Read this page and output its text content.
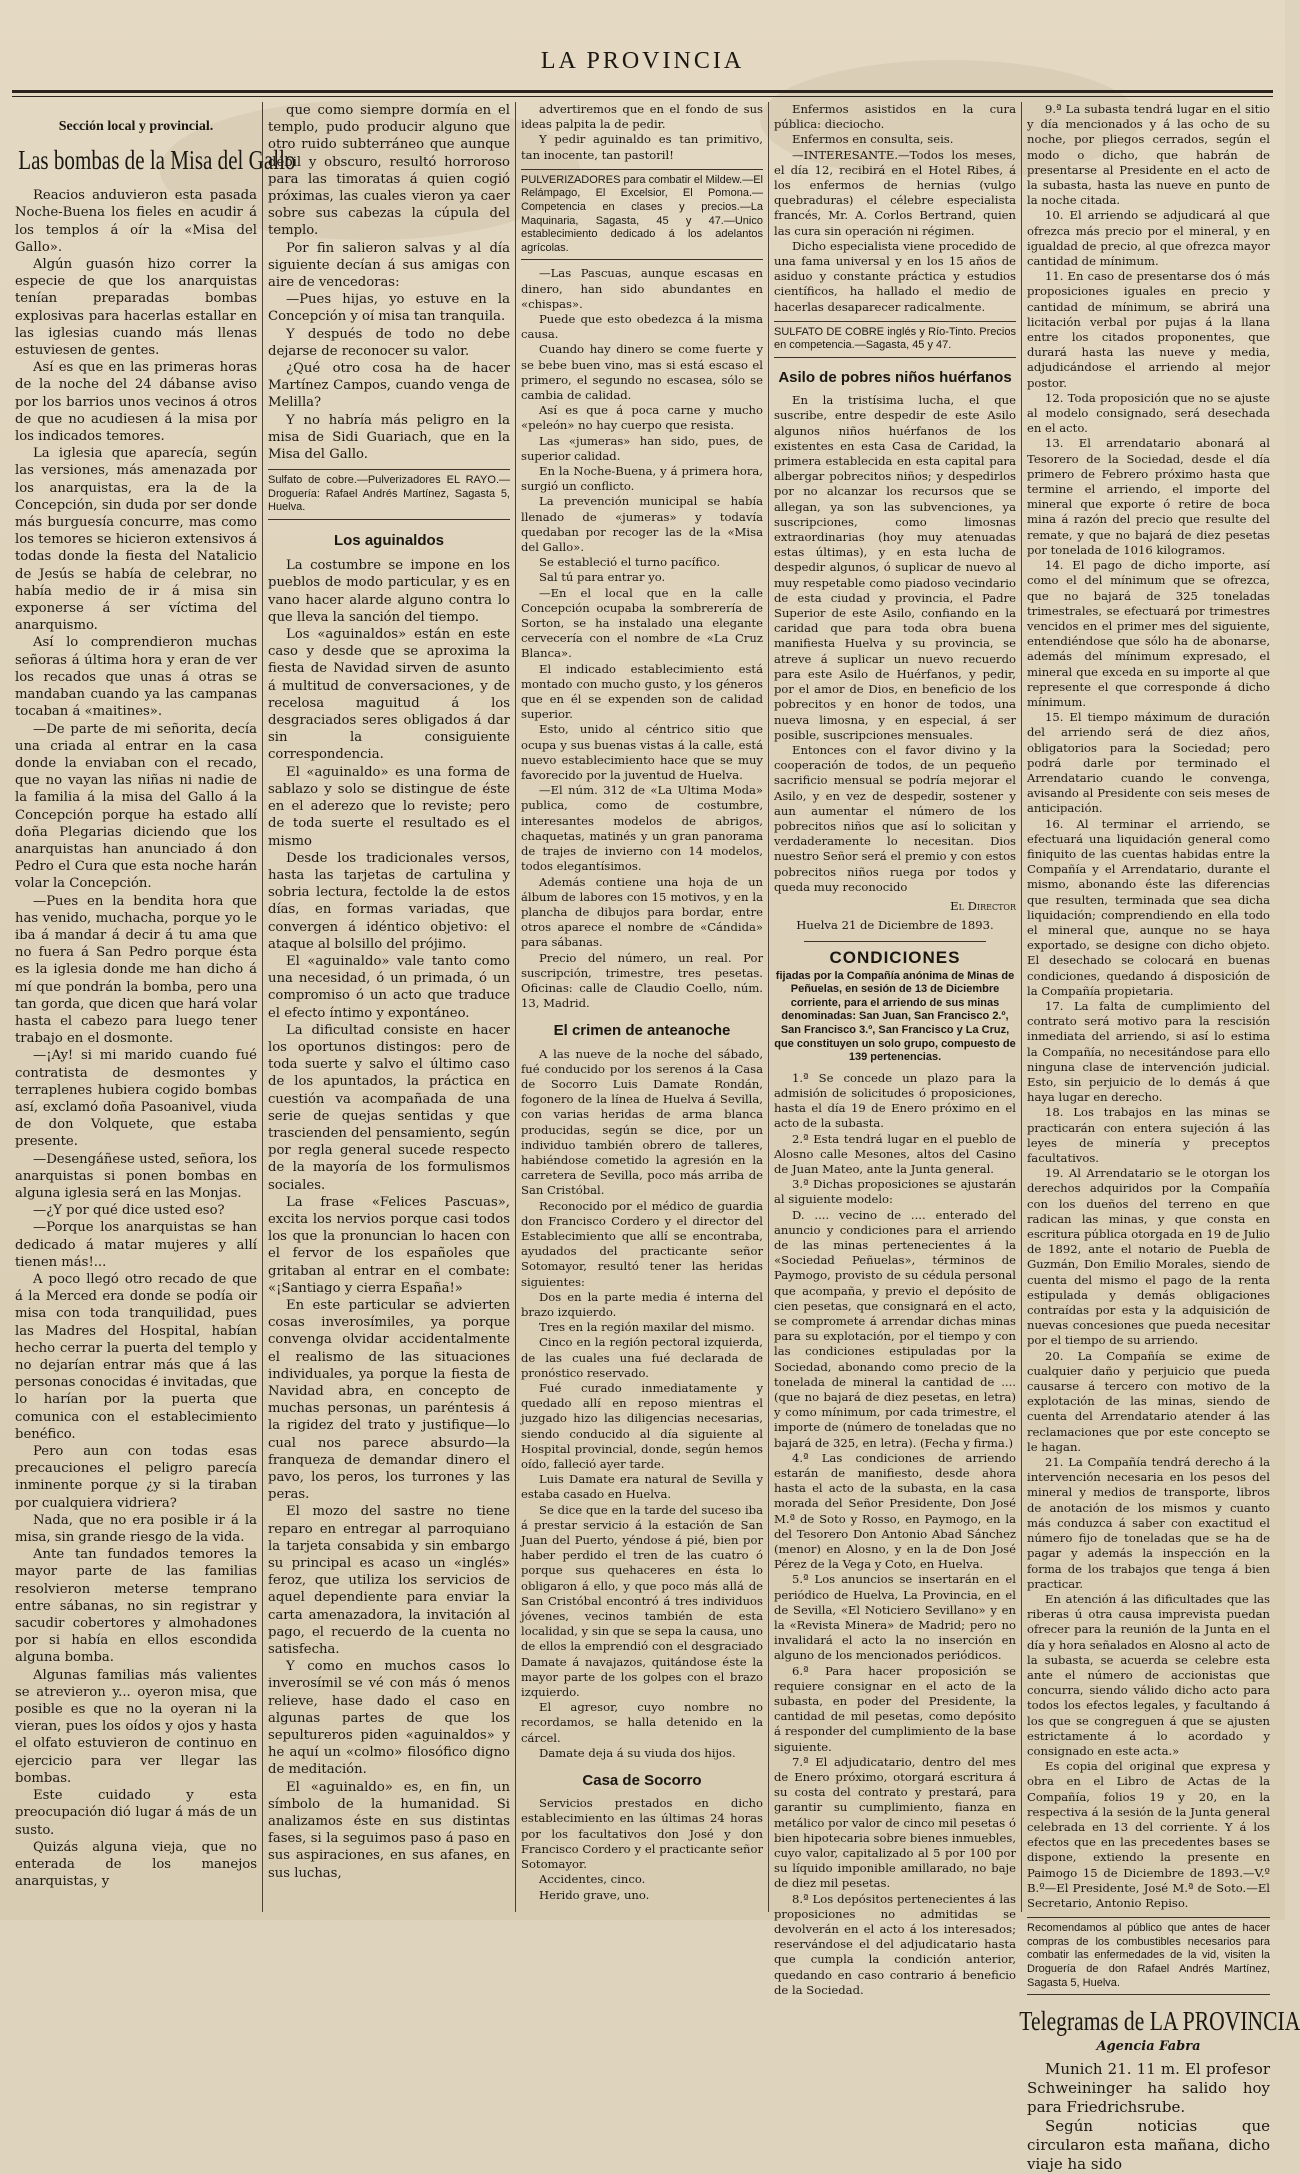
LA PROVINCIA
Sección local y provincial.
Las bombas de la Misa del Gallo

Reacios anduvieron esta pasada Noche-Buena los fieles en acudir á los templos á oír la «Misa del Gallo».

Algún guasón hizo correr la especie de que los anarquistas tenían preparadas bombas explosivas para hacerlas estallar en las iglesias cuando más llenas estuviesen de gentes.

Así es que en las primeras horas de la noche del 24 dábanse aviso por los barrios unos vecinos á otros de que no acudiesen á la misa por los indicados temores.

La iglesia que aparecía, según las versiones, más amenazada por los anarquistas, era la de la Concepción, sin duda por ser donde más burguesía concurre, mas como los temores se hicieron extensivos á todas donde la fiesta del Natalicio de Jesús se había de celebrar, no había medio de ir á misa sin exponerse á ser víctima del anarquismo.

Así lo comprendieron muchas señoras á última hora y eran de ver los recados que unas á otras se mandaban cuando ya las campanas tocaban á «maitines».

—De parte de mi señorita, decía una criada al entrar en la casa donde la enviaban con el recado, que no vayan las niñas ni nadie de la familia á la misa del Gallo á la Concepción porque ha estado allí doña Plegarias diciendo que los anarquistas han anunciado á don Pedro el Cura que esta noche harán volar la Concepción.

—Pues en la bendita hora que has venido, muchacha, porque yo le iba á mandar á decir á tu ama que no fuera á San Pedro porque ésta es la iglesia donde me han dicho á mí que pondrán la bomba, pero una tan gorda, que dicen que hará volar hasta el cabezo para luego tener trabajo en el dosmonte.

—¡Ay! si mi marido cuando fué contratista de desmontes y terraplenes hubiera cogido bombas así, exclamó doña Pasoanivel, viuda de don Volquete, que estaba presente.

—Desengáñese usted, señora, los anarquistas si ponen bombas en alguna iglesia será en las Monjas.

—¿Y por qué dice usted eso?

—Porque los anarquistas se han dedicado á matar mujeres y allí tienen más!...

A poco llegó otro recado de que á la Merced era donde se podía oir misa con toda tranquilidad, pues las Madres del Hospital, habían hecho cerrar la puerta del templo y no dejarían entrar más que á las personas conocidas é invitadas, que lo harían por la puerta que comunica con el establecimiento benéfico.

Pero aun con todas esas precauciones el peligro parecía inminente porque ¿y si la tiraban por cualquiera vidriera?

Nada, que no era posible ir á la misa, sin grande riesgo de la vida.

Ante tan fundados temores la mayor parte de las familias resolvieron meterse temprano entre sábanas, no sin registrar y sacudir cobertores y almohadones por si había en ellos escondida alguna bomba.

Algunas familias más valientes se atrevieron y... oyeron misa, que posible es que no la oyeran ni la vieran, pues los oídos y ojos y hasta el olfato estuvieron de continuo en ejercicio para ver llegar las bombas.

Este cuidado y esta preocupación dió lugar á más de un susto.

Quizás alguna vieja, que no enterada de los manejos anarquistas, y

que como siempre dormía en el templo, pudo producir alguno que otro ruido subterráneo que aunque débil y obscuro, resultó horroroso para las timoratas á quien cogió próximas, las cuales vieron ya caer sobre sus cabezas la cúpula del templo.

Por fin salieron salvas y al día siguiente decían á sus amigas con aire de vencedoras:

—Pues hijas, yo estuve en la Concepción y oí misa tan tranquila.

Y después de todo no debe dejarse de reconocer su valor.

¿Qué otro cosa ha de hacer Martínez Campos, cuando venga de Melilla?

Y no habría más peligro en la misa de Sidi Guariach, que en la Misa del Gallo.

Sulfato de cobre.—Pulverizadores EL RAYO.—Droguería: Rafael Andrés Martínez, Sagasta 5, Huelva.
Los aguinaldos

La costumbre se impone en los pueblos de modo particular, y es en vano hacer alarde alguno contra lo que lleva la sanción del tiempo.

Los «aguinaldos» están en este caso y desde que se aproxima la fiesta de Navidad sirven de asunto á multitud de conversaciones, y de recelosa maguitud á los desgraciados seres obligados á dar sin la consiguiente correspondencia.

El «aguinaldo» es una forma de sablazo y solo se distingue de éste en el aderezo que lo reviste; pero de toda suerte el resultado es el mismo

Desde los tradicionales versos, hasta las tarjetas de cartulina y sobria lectura, fectolde la de estos días, en formas variadas, que convergen á idéntico objetivo: el ataque al bolsillo del prójimo.

El «aguinaldo» vale tanto como una necesidad, ó un primada, ó un compromiso ó un acto que traduce el efecto íntimo y expontáneo.

La dificultad consiste en hacer los oportunos distingos: pero de toda suerte y salvo el último caso de los apuntados, la práctica en cuestión va acompañada de una serie de quejas sentidas y que trascienden del pensamiento, según por regla general sucede respecto de la mayoría de los formulismos sociales.

La frase «Felices Pascuas», excita los nervios porque casi todos los que la pronuncian lo hacen con el fervor de los españoles que gritaban al entrar en el combate: «¡Santiago y cierra España!»

En este particular se advierten cosas inverosímiles, ya porque convenga olvidar accidentalmente el realismo de las situaciones individuales, ya porque la fiesta de Navidad abra, en concepto de muchas personas, un paréntesis á la rigidez del trato y justifique—lo cual nos parece absurdo—la franqueza de demandar dinero el pavo, los peros, los turrones y las peras.

El mozo del sastre no tiene reparo en entregar al parroquiano la tarjeta consabida y sin embargo su principal es acaso un «inglés» feroz, que utiliza los servicios de aquel dependiente para enviar la carta amenazadora, la invitación al pago, el recuerdo de la cuenta no satisfecha.

Y como en muchos casos lo inverosímil se vé con más ó menos relieve, hase dado el caso en algunas partes de que los sepultureros piden «aguinaldos» y he aquí un «colmo» filosófico digno de meditación.

El «aguinaldo» es, en fin, un símbolo de la humanidad. Si analizamos éste en sus distintas fases, si la seguimos paso á paso en sus aspiraciones, en sus afanes, en sus luchas,

advertiremos que en el fondo de sus ideas palpita la de pedir.

Y pedir aguinaldo es tan primitivo, tan inocente, tan pastoril!

PULVERIZADORES para combatir el Mildew.—El Relámpago, El Excelsior, El Pomona.—Competencia en clases y precios.—La Maquinaria, Sagasta, 45 y 47.—Unico establecimiento dedicado á los adelantos agrícolas.

—Las Pascuas, aunque escasas en dinero, han sido abundantes en «chispas».

Puede que esto obedezca á la misma causa.

Cuando hay dinero se come fuerte y se bebe buen vino, mas si está escaso el primero, el segundo no escasea, sólo se cambia de calidad.

Así es que á poca carne y mucho «peleón» no hay cuerpo que resista.

Las «jumeras» han sido, pues, de superior calidad.

En la Noche-Buena, y á primera hora, surgió un conflicto.

La prevención municipal se había llenado de «jumeras» y todavía quedaban por recoger las de la «Misa del Gallo».

Se estableció el turno pacífico.

Sal tú para entrar yo.

—En el local que en la calle Concepción ocupaba la sombrerería de Sorton, se ha instalado una elegante cervecería con el nombre de «La Cruz Blanca».

El indicado establecimiento está montado con mucho gusto, y los géneros que en él se expenden son de calidad superior.

Esto, unido al céntrico sitio que ocupa y sus buenas vistas á la calle, está nuevo establecimiento hace que se muy favorecido por la juventud de Huelva.

—El núm. 312 de «La Ultima Moda» publica, como de costumbre, interesantes modelos de abrigos, chaquetas, matinés y un gran panorama de trajes de invierno con 14 modelos, todos elegantísimos.

Además contiene una hoja de un álbum de labores con 15 motivos, y en la plancha de dibujos para bordar, entre otros aparece el nombre de «Cándida» para sábanas.

Precio del número, un real. Por suscripción, trimestre, tres pesetas. Oficinas: calle de Claudio Coello, núm. 13, Madrid.

El crimen de anteanoche

A las nueve de la noche del sábado, fué conducido por los serenos á la Casa de Socorro Luis Damate Rondán, fogonero de la línea de Huelva á Sevilla, con varias heridas de arma blanca producidas, según se dice, por un individuo también obrero de talleres, habiéndose cometido la agresión en la carretera de Sevilla, poco más arriba de San Cristóbal.

Reconocido por el médico de guardia don Francisco Cordero y el director del Establecimiento que allí se encontraba, ayudados del practicante señor Sotomayor, resultó tener las heridas siguientes:

Dos en la parte media é interna del brazo izquierdo.

Tres en la región maxilar del mismo.

Cinco en la región pectoral izquierda, de las cuales una fué declarada de pronóstico reservado.

Fué curado inmediatamente y quedado allí en reposo mientras el juzgado hizo las diligencias necesarias, siendo conducido al día siguiente al Hospital provincial, donde, según hemos oído, falleció ayer tarde.

Luis Damate era natural de Sevilla y estaba casado en Huelva.

Se dice que en la tarde del suceso iba á prestar servicio á la estación de San Juan del Puerto, yéndose á pié, bien por haber perdido el tren de las cuatro ó porque sus quehaceres en ésta lo obligaron á ello, y que poco más allá de San Cristóbal encontró á tres individuos jóvenes, vecinos también de esta localidad, y sin que se sepa la causa, uno de ellos la emprendió con el desgraciado Damate á navajazos, quitándose éste la mayor parte de los golpes con el brazo izquierdo.

El agresor, cuyo nombre no recordamos, se halla detenido en la cárcel.

Damate deja á su viuda dos hijos.

Casa de Socorro

Servicios prestados en dicho establecimiento en las últimas 24 horas por los facultativos don José y don Francisco Cordero y el practicante señor Sotomayor.

Accidentes, cinco.

Herido grave, uno.

Enfermos asistidos en la cura pública: dieciocho.

Enfermos en consulta, seis.

—INTERESANTE.—Todos los meses, el día 12, recibirá en el Hotel Ribes, á los enfermos de hernias (vulgo quebraduras) el célebre especialista francés, Mr. A. Corlos Bertrand, quien las cura sin operación ni régimen.

Dicho especialista viene procedido de una fama universal y en los 15 años de asiduo y constante práctica y estudios científicos, ha hallado el medio de hacerlas desaparecer radicalmente.

SULFATO DE COBRE inglés y Río-Tinto. Precios en competencia.—Sagasta, 45 y 47.
Asilo de pobres niños huérfanos

En la tristísima lucha, el que suscribe, entre despedir de este Asilo algunos niños huérfanos de los existentes en esta Casa de Caridad, la primera establecida en esta capital para albergar pobrecitos niños; y despedirlos por no alcanzar los recursos que se allegan, ya son las subvenciones, ya suscripciones, como limosnas extraordinarias (hoy muy atenuadas estas últimas), y en esta lucha de despedir algunos, ó suplicar de nuevo al muy respetable como piadoso vecindario de esta ciudad y provincia, el Padre Superior de este Asilo, confiando en la caridad que para toda obra buena manifiesta Huelva y su provincia, se atreve á suplicar un nuevo recuerdo para este Asilo de Huérfanos, y pedir, por el amor de Dios, en beneficio de los pobrecitos y en honor de todos, una nueva limosna, y en especial, á ser posible, suscripciones mensuales.

Entonces con el favor divino y la cooperación de todos, de un pequeño sacrificio mensual se podría mejorar el Asilo, y en vez de despedir, sostener y aun aumentar el número de los pobrecitos niños que así lo solicitan y verdaderamente lo necesitan. Dios nuestro Señor será el premio y con estos pobrecitos niños ruega por todos y queda muy reconocido

El Director
Huelva 21 de Diciembre de 1893.
CONDICIONES
fijadas por la Compañía anónima de Minas de Peñuelas, en sesión de 13 de Diciembre corriente, para el arriendo de sus minas denominadas: San Juan, San Francisco 2.º, San Francisco 3.º, San Francisco y La Cruz, que constituyen un solo grupo, compuesto de 139 pertenencias.

1.ª Se concede un plazo para la admisión de solicitudes ó proposiciones, hasta el día 19 de Enero próximo en el acto de la subasta.

2.ª Esta tendrá lugar en el pueblo de Alosno calle Mesones, altos del Casino de Juan Mateo, ante la Junta general.

3.ª Dichas proposiciones se ajustarán al siguiente modelo:

D. .... vecino de .... enterado del anuncio y condiciones para el arriendo de las minas pertenecientes á la «Sociedad Peñuelas», términos de Paymogo, provisto de su cédula personal que acompaña, y previo el depósito de cien pesetas, que consignará en el acto, se compromete á arrendar dichas minas para su explotación, por el tiempo y con las condiciones estipuladas por la Sociedad, abonando como precio de la tonelada de mineral la cantidad de .... (que no bajará de diez pesetas, en letra) y como mínimum, por cada trimestre, el importe de (número de toneladas que no bajará de 325, en letra). (Fecha y firma.)

4.ª Las condiciones de arriendo estarán de manifiesto, desde ahora hasta el acto de la subasta, en la casa morada del Señor Presidente, Don José M.ª de Soto y Rosso, en Paymogo, en la del Tesorero Don Antonio Abad Sánchez (menor) en Alosno, y en la de Don José Pérez de la Vega y Coto, en Huelva.

5.ª Los anuncios se insertarán en el periódico de Huelva, La Provincia, en el de Sevilla, «El Noticiero Sevillano» y en la «Revista Minera» de Madrid; pero no invalidará el acto la no inserción en alguno de los mencionados periódicos.

6.ª Para hacer proposición se requiere consignar en el acto de la subasta, en poder del Presidente, la cantidad de mil pesetas, como depósito á responder del cumplimiento de la base siguiente.

7.ª El adjudicatario, dentro del mes de Enero próximo, otorgará escritura á su costa del contrato y prestará, para garantir su cumplimiento, fianza en metálico por valor de cinco mil pesetas ó bien hipotecaria sobre bienes inmuebles, cuyo valor, capitalizado al 5 por 100 por su líquido imponible amillarado, no baje de diez mil pesetas.

8.ª Los depósitos pertenecientes á las proposiciones no admitidas se devolverán en el acto á los interesados; reservándose el del adjudicatario hasta que cumpla la condición anterior, quedando en caso contrario á beneficio de la Sociedad.

9.ª La subasta tendrá lugar en el sitio y día mencionados y á las ocho de su noche, por pliegos cerrados, según el modo o dicho, que habrán de presentarse al Presidente en el acto de la subasta, hasta las nueve en punto de la noche citada.

10. El arriendo se adjudicará al que ofrezca más precio por el mineral, y en igualdad de precio, al que ofrezca mayor cantidad de mínimum.

11. En caso de presentarse dos ó más proposiciones iguales en precio y cantidad de mínimum, se abrirá una licitación verbal por pujas á la llana entre los citados proponentes, que durará hasta las nueve y media, adjudicándose el arriendo al mejor postor.

12. Toda proposición que no se ajuste al modelo consignado, será desechada en el acto.

13. El arrendatario abonará al Tesorero de la Sociedad, desde el día primero de Febrero próximo hasta que termine el arriendo, el importe del mineral que exporte ó retire de boca mina á razón del precio que resulte del remate, y que no bajará de diez pesetas por tonelada de 1016 kilogramos.

14. El pago de dicho importe, así como el del mínimum que se ofrezca, que no bajará de 325 toneladas trimestrales, se efectuará por trimestres vencidos en el primer mes del siguiente, entendiéndose que sólo ha de abonarse, además del mínimum expresado, el mineral que exceda en su importe al que represente el que corresponde á dicho mínimum.

15. El tiempo máximum de duración del arriendo será de diez años, obligatorios para la Sociedad; pero podrá darle por terminado el Arrendatario cuando le convenga, avisando al Presidente con seis meses de anticipación.

16. Al terminar el arriendo, se efectuará una liquidación general como finiquito de las cuentas habidas entre la Compañía y el Arrendatario, durante el mismo, abonando éste las diferencias que resulten, terminada que sea dicha liquidación; comprendiendo en ella todo el mineral que, aunque no se haya exportado, se designe con dicho objeto. El desechado se colocará en buenas condiciones, quedando á disposición de la Compañía propietaria.

17. La falta de cumplimiento del contrato será motivo para la rescisión inmediata del arriendo, si así lo estima la Compañía, no necesitándose para ello ninguna clase de intervención judicial. Esto, sin perjuicio de lo demás á que haya lugar en derecho.

18. Los trabajos en las minas se practicarán con entera sujeción á las leyes de minería y preceptos facultativos.

19. Al Arrendatario se le otorgan los derechos adquiridos por la Compañía con los dueños del terreno en que radican las minas, y que consta en escritura pública otorgada en 19 de Julio de 1892, ante el notario de Puebla de Guzmán, Don Emilio Morales, siendo de cuenta del mismo el pago de la renta estipulada y demás obligaciones contraídas por esta y la adquisición de nuevas concesiones que pueda necesitar por el tiempo de su arriendo.

20. La Compañía se exime de cualquier daño y perjuicio que pueda causarse á tercero con motivo de la explotación de las minas, siendo de cuenta del Arrendatario atender á las reclamaciones que por este concepto se le hagan.

21. La Compañía tendrá derecho á la intervención necesaria en los pesos del mineral y medios de transporte, libros de anotación de los mismos y cuanto más conduzca á saber con exactitud el número fijo de toneladas que se ha de pagar y además la inspección en la forma de los trabajos que tenga á bien practicar.

En atención á las dificultades que las riberas ú otra causa imprevista puedan ofrecer para la reunión de la Junta en el día y hora señalados en Alosno al acto de la subasta, se acuerda se celebre esta ante el número de accionistas que concurra, siendo válido dicho acto para todos los efectos legales, y facultando á los que se congreguen á que se ajusten estrictamente á lo acordado y consignado en este acta.»

Es copia del original que expresa y obra en el Libro de Actas de la Compañía, folios 19 y 20, en la respectiva á la sesión de la Junta general celebrada en 13 del corriente. Y á los efectos que en las precedentes bases se dispone, extiendo la presente en Paimogo 15 de Diciembre de 1893.—V.º B.º—El Presidente, José M.ª de Soto.—El Secretario, Antonio Repiso.

Recomendamos al público que antes de hacer compras de los combustibles necesarios para combatir las enfermedades de la vid, visiten la Droguería de don Rafael Andrés Martínez, Sagasta 5, Huelva.
Telegramas de LA PROVINCIA
Agencia Fabra

Munich 21. 11 m. El profesor Schweininger ha salido hoy para Friedrichsrube.

Según noticias que circularon esta mañana, dicho viaje ha sido
